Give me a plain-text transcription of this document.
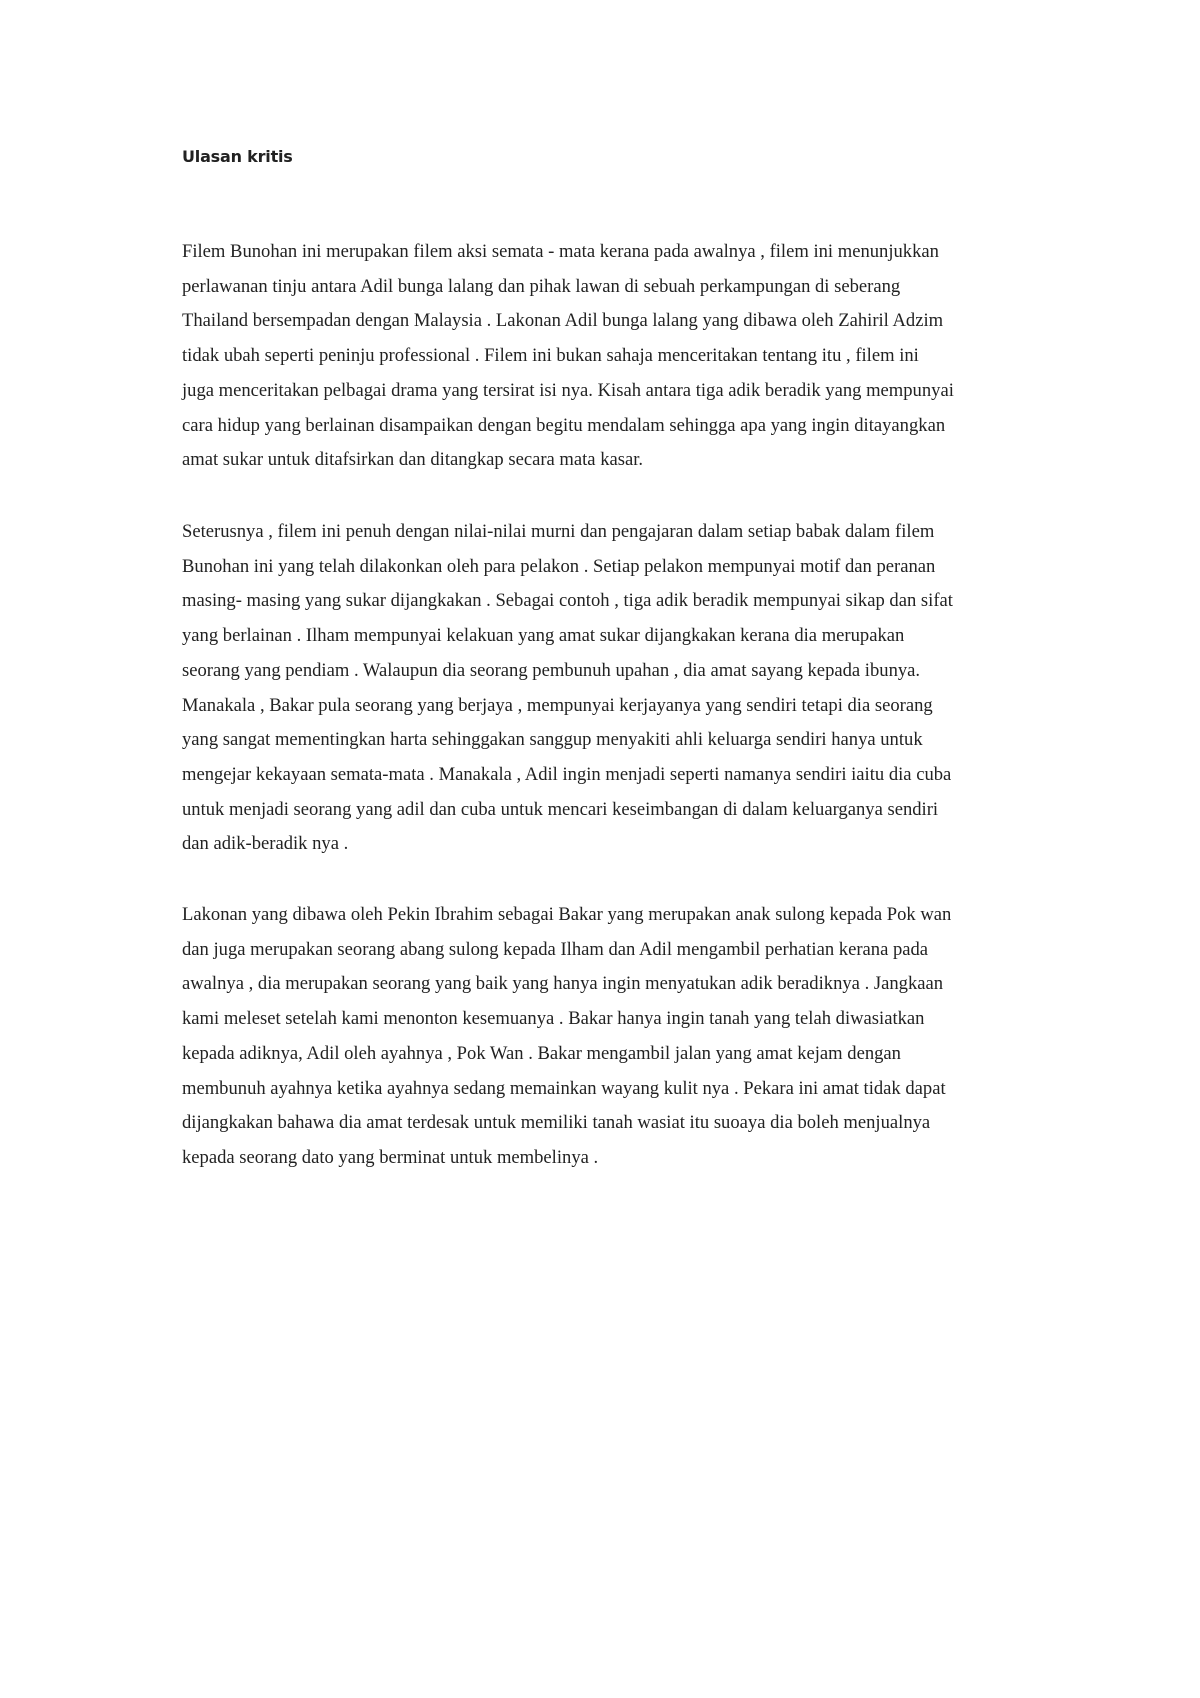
Ulasan kritis
Filem Bunohan ini merupakan filem aksi semata - mata kerana pada awalnya , filem ini menunjukkan
perlawanan tinju antara Adil bunga lalang dan pihak lawan di sebuah perkampungan di seberang
Thailand bersempadan dengan Malaysia . Lakonan Adil bunga lalang yang dibawa oleh Zahiril Adzim
tidak ubah seperti peninju professional . Filem ini bukan sahaja menceritakan tentang itu , filem ini
juga menceritakan pelbagai drama yang tersirat isi nya. Kisah antara tiga adik beradik yang mempunyai
cara hidup yang berlainan disampaikan dengan begitu mendalam sehingga apa yang ingin ditayangkan
amat sukar untuk ditafsirkan dan ditangkap secara mata kasar.
Seterusnya , filem ini penuh dengan nilai-nilai murni dan pengajaran dalam setiap babak dalam filem
Bunohan ini yang telah dilakonkan oleh para pelakon . Setiap pelakon mempunyai motif dan peranan
masing- masing yang sukar dijangkakan . Sebagai contoh , tiga adik beradik mempunyai sikap dan sifat
yang berlainan . Ilham mempunyai kelakuan yang amat sukar dijangkakan kerana dia merupakan
seorang yang pendiam . Walaupun dia seorang pembunuh upahan , dia amat sayang kepada ibunya.
Manakala , Bakar pula seorang yang berjaya , mempunyai kerjayanya yang sendiri tetapi dia seorang
yang sangat mementingkan harta sehinggakan sanggup menyakiti ahli keluarga sendiri hanya untuk
mengejar kekayaan semata-mata . Manakala , Adil ingin menjadi seperti namanya sendiri iaitu dia cuba
untuk menjadi seorang yang adil dan cuba untuk mencari keseimbangan di dalam keluarganya sendiri
dan adik-beradik nya .
Lakonan yang dibawa oleh Pekin Ibrahim sebagai Bakar yang merupakan anak sulong kepada Pok wan
dan juga merupakan seorang abang sulong kepada Ilham dan Adil mengambil perhatian kerana pada
awalnya , dia merupakan seorang yang baik yang hanya ingin menyatukan adik beradiknya . Jangkaan
kami meleset setelah kami menonton kesemuanya . Bakar hanya ingin tanah yang telah diwasiatkan
kepada adiknya, Adil oleh ayahnya , Pok Wan . Bakar mengambil jalan yang amat kejam dengan
membunuh ayahnya ketika ayahnya sedang memainkan wayang kulit nya . Pekara ini amat tidak dapat
dijangkakan bahawa dia amat terdesak untuk memiliki tanah wasiat itu suoaya dia boleh menjualnya
kepada seorang dato yang berminat untuk membelinya .
